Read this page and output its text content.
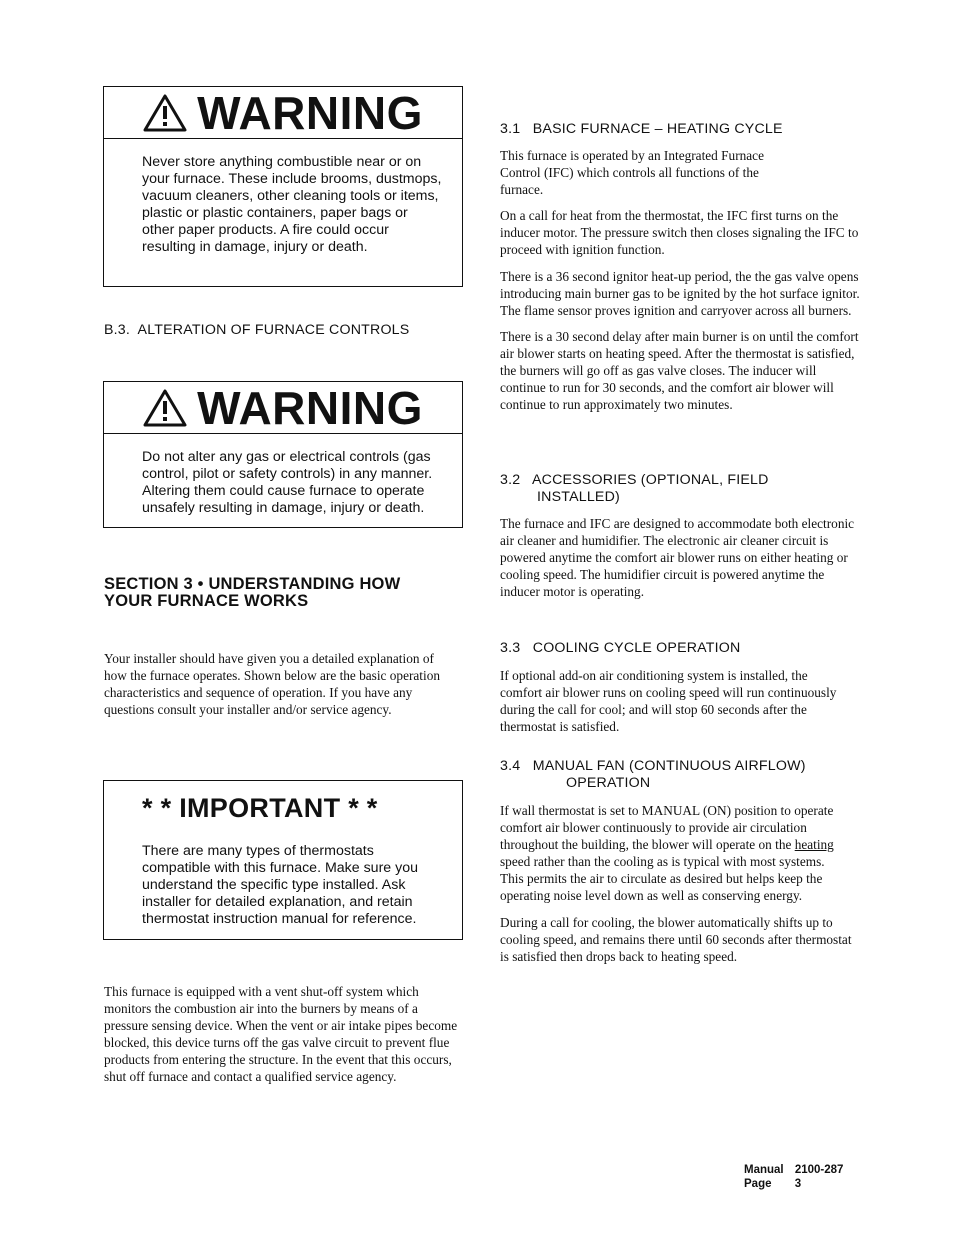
WARNING
Never store anything combustible near or on your furnace. These include brooms, dustmops, vacuum cleaners, other cleaning tools or items, plastic or plastic containers, paper bags or other paper products. A fire could occur resulting in damage, injury or death.
B.3.  ALTERATION OF FURNACE CONTROLS
WARNING
Do not alter any gas or electrical controls (gas control, pilot or safety controls) in any manner. Altering them could cause furnace to operate unsafely resulting in damage, injury or death.
SECTION 3 • UNDERSTANDING HOW
YOUR FURNACE WORKS
Your installer should have given you a detailed explanation of how the furnace operates. Shown below are the basic operation characteristics and sequence of operation. If you have any questions consult your installer and/or service agency.
* * IMPORTANT * *
There are many types of thermostats compatible with this furnace. Make sure you understand the specific type installed. Ask installer for detailed explanation, and retain thermostat instruction manual for reference.
This furnace is equipped with a vent shut-off system which monitors the combustion air into the burners by means of a pressure sensing device. When the vent or air intake pipes become blocked, this device turns off the gas valve circuit to prevent flue products from entering the structure. In the event that this occurs, shut off furnace and contact a qualified service agency.
3.1   BASIC FURNACE – HEATING CYCLE

This furnace is operated by an Integrated Furnace Control (IFC) which controls all functions of the furnace.

On a call for heat from the thermostat, the IFC first turns on the inducer motor. The pressure switch then closes signaling the IFC to proceed with ignition function.

There is a 36 second ignitor heat-up period, the the gas valve opens introducing main burner gas to be ignited by the hot surface ignitor. The flame sensor proves ignition and carryover across all burners.

There is a 30 second delay after main burner is on until the comfort air blower starts on heating speed. After the thermostat is satisfied, the burners will go off as gas valve closes. The inducer will continue to run for 30 seconds, and the comfort air blower will continue to run approximately two minutes.

3.2   ACCESSORIES (OPTIONAL, FIELD
INSTALLED)
The furnace and IFC are designed to accommodate both electronic air cleaner and humidifier. The electronic air cleaner circuit is powered anytime the comfort air blower runs on either heating or cooling speed. The humidifier circuit is powered anytime the inducer motor is operating.
3.3   COOLING CYCLE OPERATION
If optional add-on air conditioning system is installed, the comfort air blower runs on cooling speed will run continuously during the call for cool; and will stop 60 seconds after the thermostat is satisfied.
3.4   MANUAL FAN (CONTINUOUS AIRFLOW)
OPERATION

If wall thermostat is set to MANUAL (ON) position to operate comfort air blower continuously to provide air circulation throughout the building, the blower will operate on the heating speed rather than the cooling as is typical with most systems. This permits the air to circulate as desired but helps keep the operating noise level down as well as conserving energy.

During a call for cooling, the blower automatically shifts up to cooling speed, and remains there until 60 seconds after thermostat is satisfied then drops back to heating speed.

Manual 2100-287
Page 3
